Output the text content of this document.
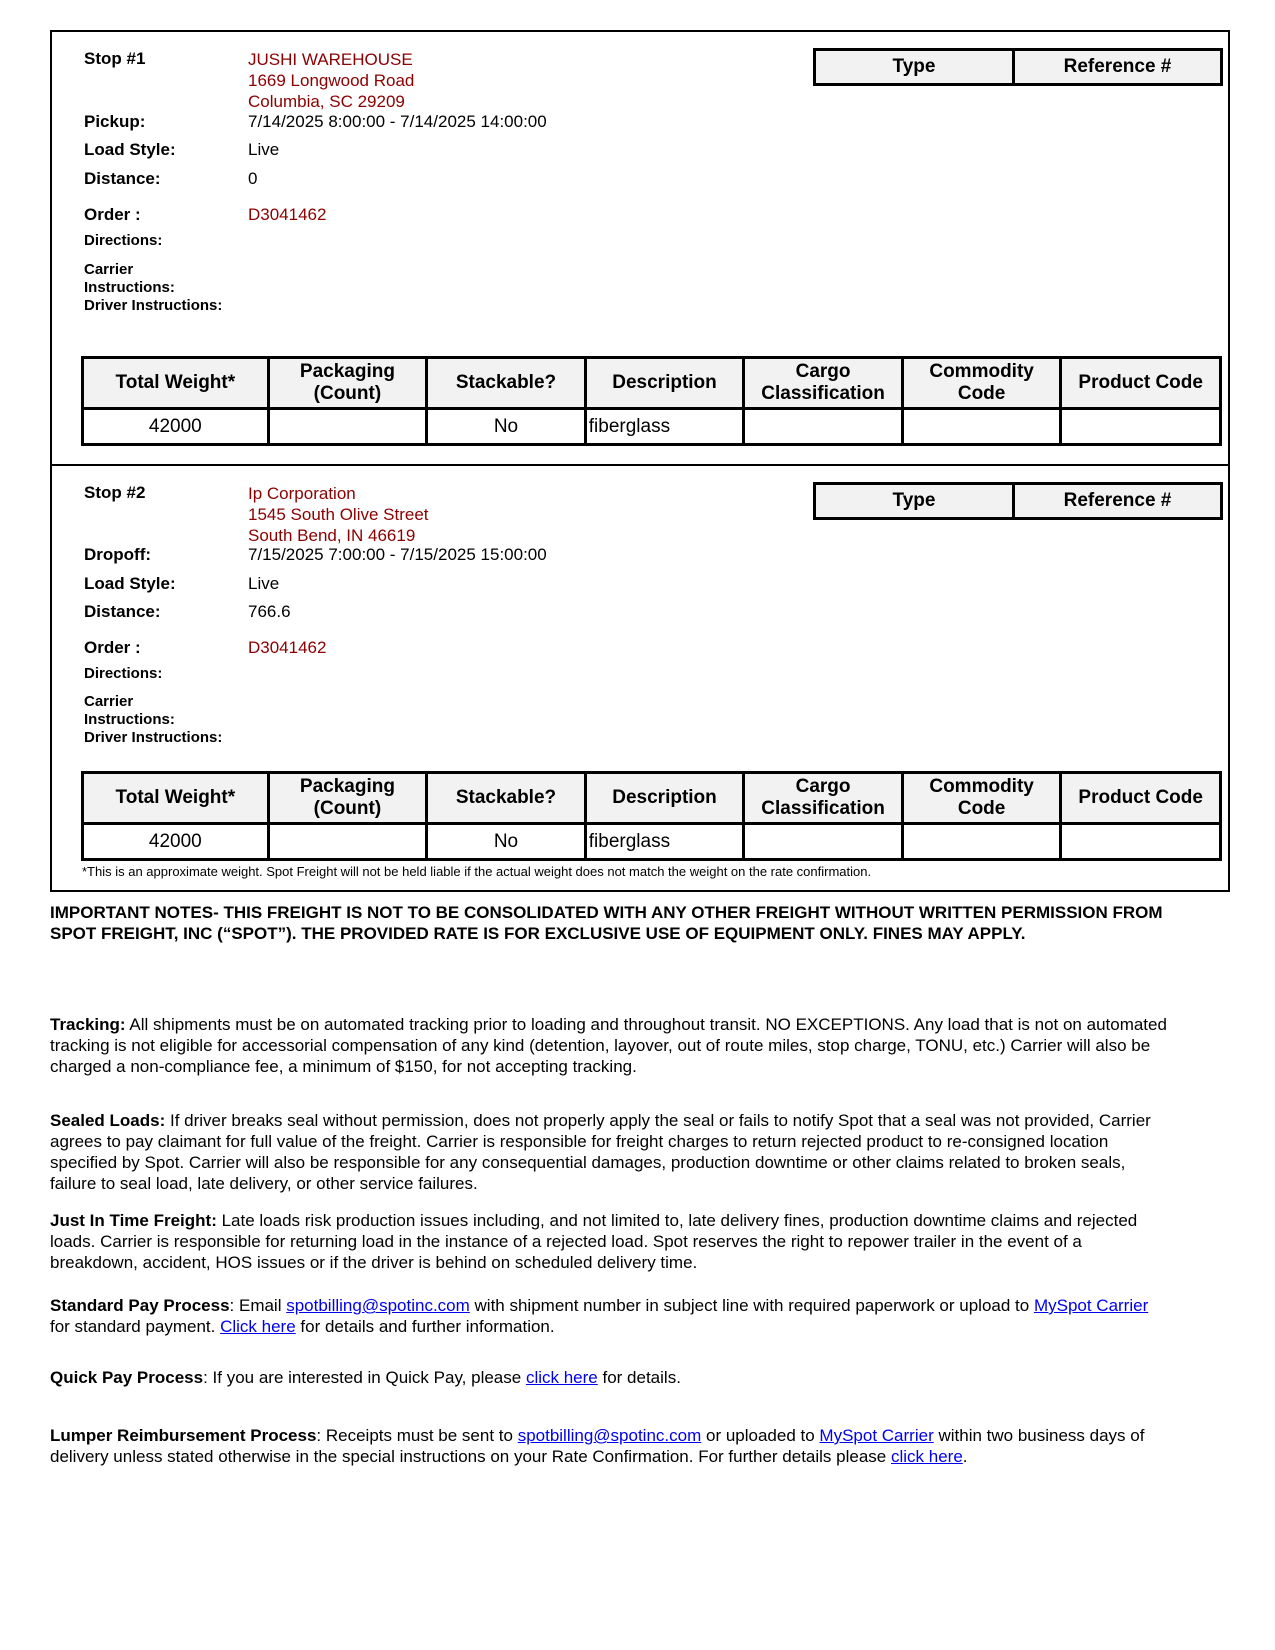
Stop #1	JUSHI WAREHOUSE
1669 Longwood Road
Columbia, SC 29209
Type	Reference #
Pickup:	7/14/2025 8:00:00 - 7/14/2025 14:00:00
Load Style:	Live
Distance:	0
Order :	D3041462
Directions:
Carrier
Instructions:
Driver Instructions:
Total Weight*	Packaging (Count)	Stackable?	Description	Cargo Classification	Commodity Code	Product Code
42000		No	fiberglass			
Stop #2	Ip Corporation
1545 South Olive Street
South Bend, IN 46619
Type	Reference #
Dropoff:	7/15/2025 7:00:00 - 7/15/2025 15:00:00
Load Style:	Live
Distance:	766.6
Order :	D3041462
Directions:
Carrier
Instructions:
Driver Instructions:
Total Weight*	Packaging (Count)	Stackable?	Description	Cargo Classification	Commodity Code	Product Code
42000		No	fiberglass			
*This is an approximate weight. Spot Freight will not be held liable if the actual weight does not match the weight on the rate confirmation.
IMPORTANT NOTES- THIS FREIGHT IS NOT TO BE CONSOLIDATED WITH ANY OTHER FREIGHT WITHOUT WRITTEN PERMISSION FROM SPOT FREIGHT, INC (“SPOT”). THE PROVIDED RATE IS FOR EXCLUSIVE USE OF EQUIPMENT ONLY. FINES MAY APPLY.
Tracking: All shipments must be on automated tracking prior to loading and throughout transit. NO EXCEPTIONS. Any load that is not on automated tracking is not eligible for accessorial compensation of any kind (detention, layover, out of route miles, stop charge, TONU, etc.) Carrier will also be charged a non-compliance fee, a minimum of $150, for not accepting tracking.
Sealed Loads: If driver breaks seal without permission, does not properly apply the seal or fails to notify Spot that a seal was not provided, Carrier agrees to pay claimant for full value of the freight. Carrier is responsible for freight charges to return rejected product to re-consigned location specified by Spot. Carrier will also be responsible for any consequential damages, production downtime or other claims related to broken seals, failure to seal load, late delivery, or other service failures.
Just In Time Freight: Late loads risk production issues including, and not limited to, late delivery fines, production downtime claims and rejected loads. Carrier is responsible for returning load in the instance of a rejected load. Spot reserves the right to repower trailer in the event of a breakdown, accident, HOS issues or if the driver is behind on scheduled delivery time.
Standard Pay Process: Email spotbilling@spotinc.com with shipment number in subject line with required paperwork or upload to MySpot Carrier for standard payment. Click here for details and further information.
Quick Pay Process: If you are interested in Quick Pay, please click here for details.
Lumper Reimbursement Process: Receipts must be sent to spotbilling@spotinc.com or uploaded to MySpot Carrier within two business days of delivery unless stated otherwise in the special instructions on your Rate Confirmation. For further details please click here.
